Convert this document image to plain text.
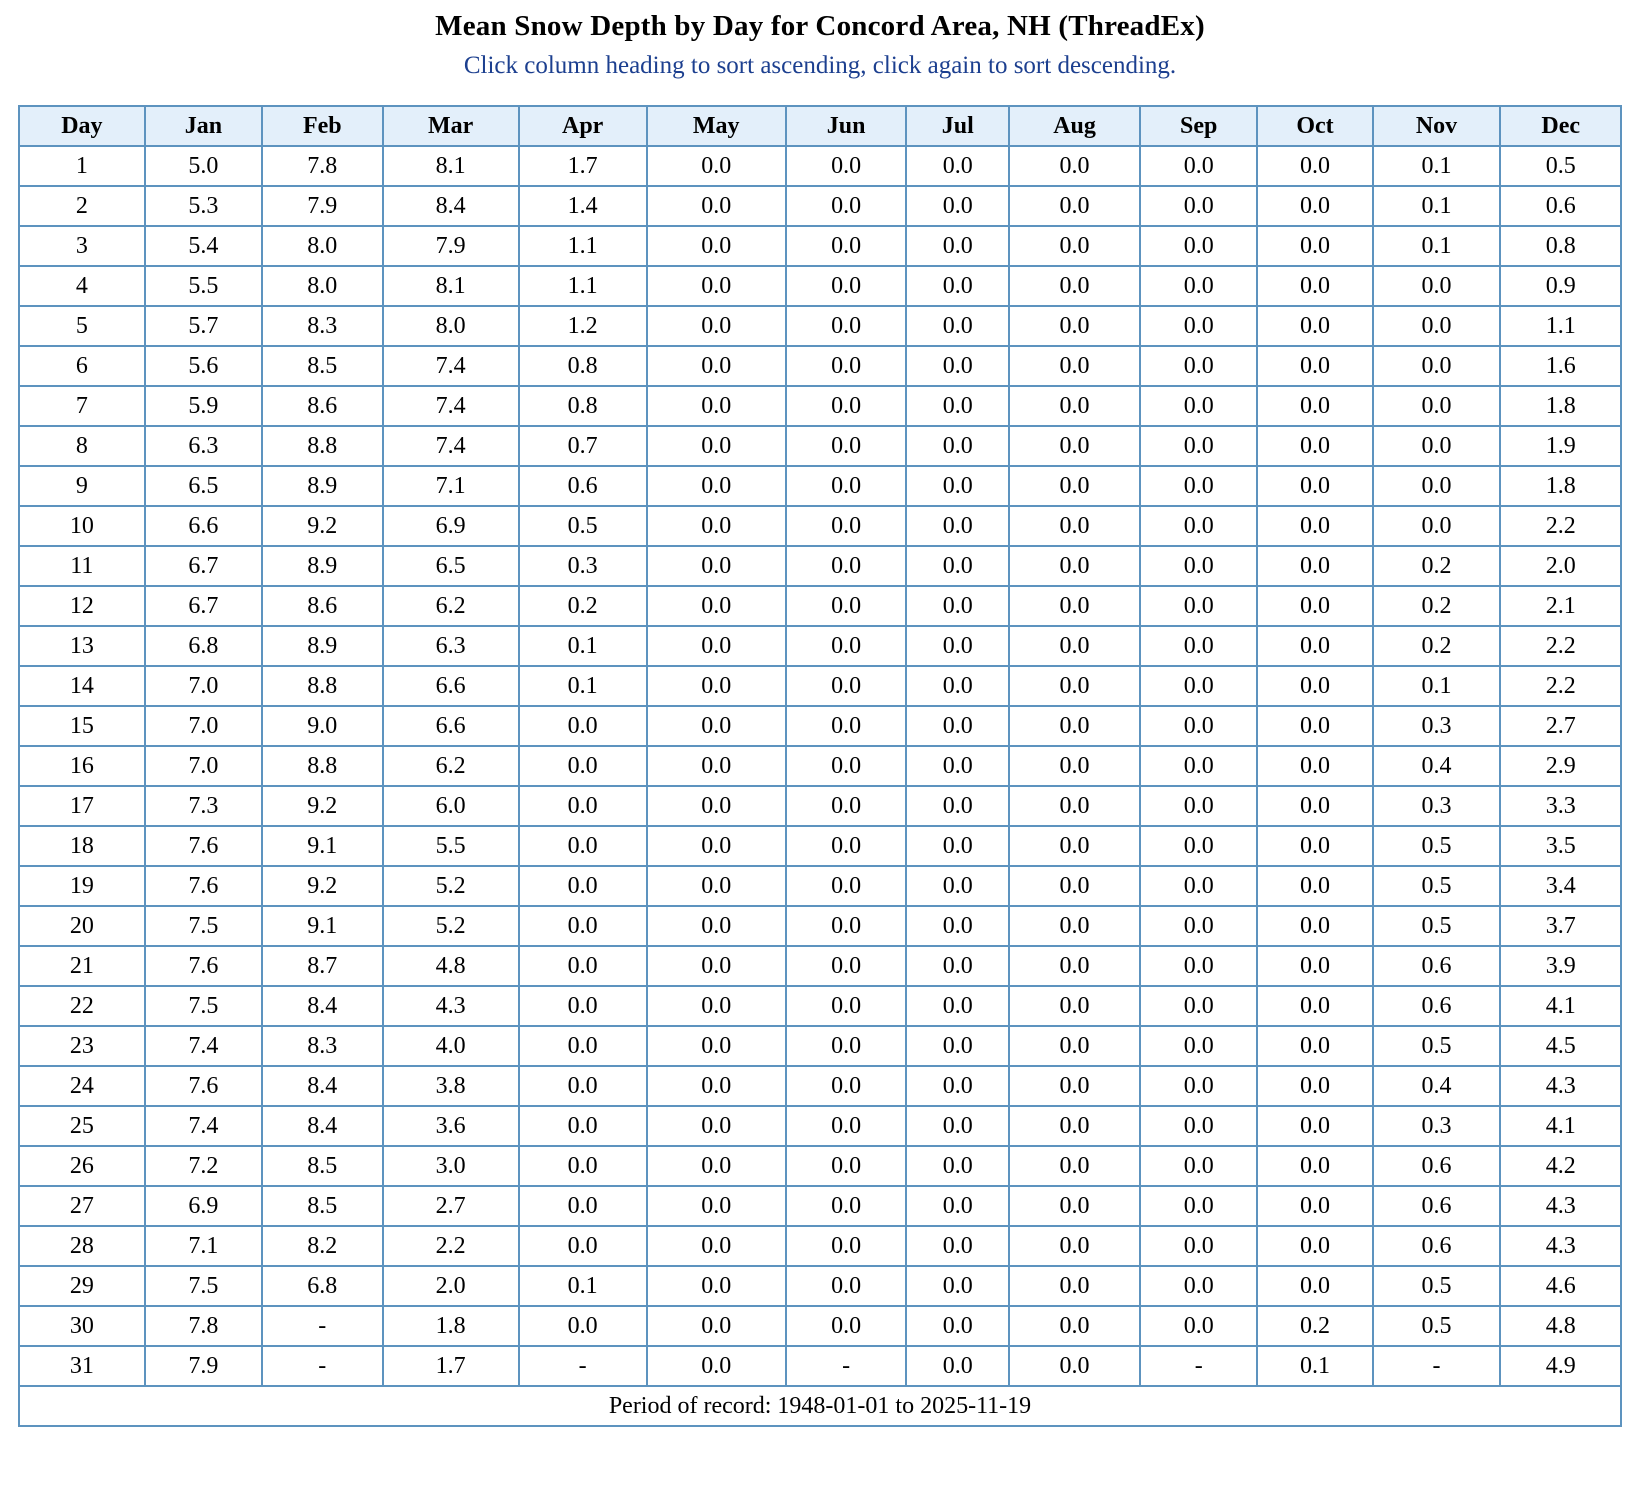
Mean Snow Depth by Day for Concord Area, NH (ThreadEx)

Click column heading to sort ascending, click again to sort descending.

Day	Jan	Feb	Mar	Apr	May	Jun	Jul	Aug	Sep	Oct	Nov	Dec
1	5.0	7.8	8.1	1.7	0.0	0.0	0.0	0.0	0.0	0.0	0.1	0.5
2	5.3	7.9	8.4	1.4	0.0	0.0	0.0	0.0	0.0	0.0	0.1	0.6
3	5.4	8.0	7.9	1.1	0.0	0.0	0.0	0.0	0.0	0.0	0.1	0.8
4	5.5	8.0	8.1	1.1	0.0	0.0	0.0	0.0	0.0	0.0	0.0	0.9
5	5.7	8.3	8.0	1.2	0.0	0.0	0.0	0.0	0.0	0.0	0.0	1.1
6	5.6	8.5	7.4	0.8	0.0	0.0	0.0	0.0	0.0	0.0	0.0	1.6
7	5.9	8.6	7.4	0.8	0.0	0.0	0.0	0.0	0.0	0.0	0.0	1.8
8	6.3	8.8	7.4	0.7	0.0	0.0	0.0	0.0	0.0	0.0	0.0	1.9
9	6.5	8.9	7.1	0.6	0.0	0.0	0.0	0.0	0.0	0.0	0.0	1.8
10	6.6	9.2	6.9	0.5	0.0	0.0	0.0	0.0	0.0	0.0	0.0	2.2
11	6.7	8.9	6.5	0.3	0.0	0.0	0.0	0.0	0.0	0.0	0.2	2.0
12	6.7	8.6	6.2	0.2	0.0	0.0	0.0	0.0	0.0	0.0	0.2	2.1
13	6.8	8.9	6.3	0.1	0.0	0.0	0.0	0.0	0.0	0.0	0.2	2.2
14	7.0	8.8	6.6	0.1	0.0	0.0	0.0	0.0	0.0	0.0	0.1	2.2
15	7.0	9.0	6.6	0.0	0.0	0.0	0.0	0.0	0.0	0.0	0.3	2.7
16	7.0	8.8	6.2	0.0	0.0	0.0	0.0	0.0	0.0	0.0	0.4	2.9
17	7.3	9.2	6.0	0.0	0.0	0.0	0.0	0.0	0.0	0.0	0.3	3.3
18	7.6	9.1	5.5	0.0	0.0	0.0	0.0	0.0	0.0	0.0	0.5	3.5
19	7.6	9.2	5.2	0.0	0.0	0.0	0.0	0.0	0.0	0.0	0.5	3.4
20	7.5	9.1	5.2	0.0	0.0	0.0	0.0	0.0	0.0	0.0	0.5	3.7
21	7.6	8.7	4.8	0.0	0.0	0.0	0.0	0.0	0.0	0.0	0.6	3.9
22	7.5	8.4	4.3	0.0	0.0	0.0	0.0	0.0	0.0	0.0	0.6	4.1
23	7.4	8.3	4.0	0.0	0.0	0.0	0.0	0.0	0.0	0.0	0.5	4.5
24	7.6	8.4	3.8	0.0	0.0	0.0	0.0	0.0	0.0	0.0	0.4	4.3
25	7.4	8.4	3.6	0.0	0.0	0.0	0.0	0.0	0.0	0.0	0.3	4.1
26	7.2	8.5	3.0	0.0	0.0	0.0	0.0	0.0	0.0	0.0	0.6	4.2
27	6.9	8.5	2.7	0.0	0.0	0.0	0.0	0.0	0.0	0.0	0.6	4.3
28	7.1	8.2	2.2	0.0	0.0	0.0	0.0	0.0	0.0	0.0	0.6	4.3
29	7.5	6.8	2.0	0.1	0.0	0.0	0.0	0.0	0.0	0.0	0.5	4.6
30	7.8	-	1.8	0.0	0.0	0.0	0.0	0.0	0.0	0.2	0.5	4.8
31	7.9	-	1.7	-	0.0	-	0.0	0.0	-	0.1	-	4.9
Period of record: 1948-01-01 to 2025-11-19												
